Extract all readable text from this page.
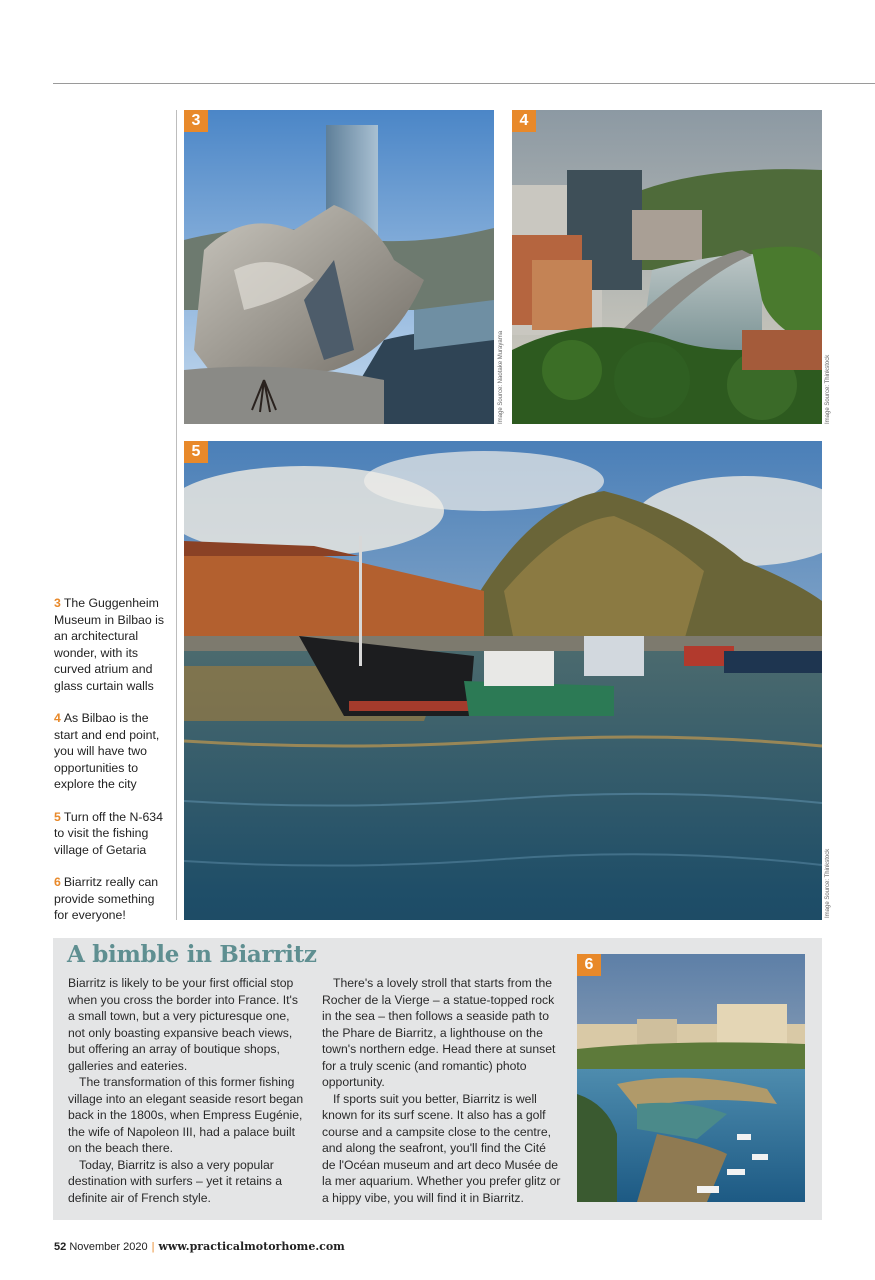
3
Image Source: Naotake Murayama
4
Image Source: Thinkstock
5
Image Source: Thinkstock

3 The Guggenheim Museum in Bilbao is an architectural wonder, with its curved atrium and glass curtain walls

4 As Bilbao is the start and end point, you will have two opportunities to explore the city

5 Turn off the N-634 to visit the fishing village of Getaria

6 Biarritz really can provide something for everyone!

A bimble in Biarritz

Biarritz is likely to be your first official stop when you cross the border into France. It's a small town, but a very picturesque one, not only boasting expansive beach views, but offering an array of boutique shops, galleries and eateries.

The transformation of this former fishing village into an elegant seaside resort began back in the 1800s, when Empress Eugénie, the wife of Napoleon III, had a palace built on the beach there.

Today, Biarritz is also a very popular destination with surfers – yet it retains a definite air of French style.

There's a lovely stroll that starts from the Rocher de la Vierge – a statue-topped rock in the sea – then follows a seaside path to the Phare de Biarritz, a lighthouse on the town's northern edge. Head there at sunset for a truly scenic (and romantic) photo opportunity.

If sports suit you better, Biarritz is well known for its surf scene. It also has a golf course and a campsite close to the centre, and along the seafront, you'll find the Cité de l'Océan museum and art deco Musée de la mer aquarium. Whether you prefer glitz or a hippy vibe, you will find it in Biarritz.

6
52 November 2020 | www.practicalmotorhome.com
